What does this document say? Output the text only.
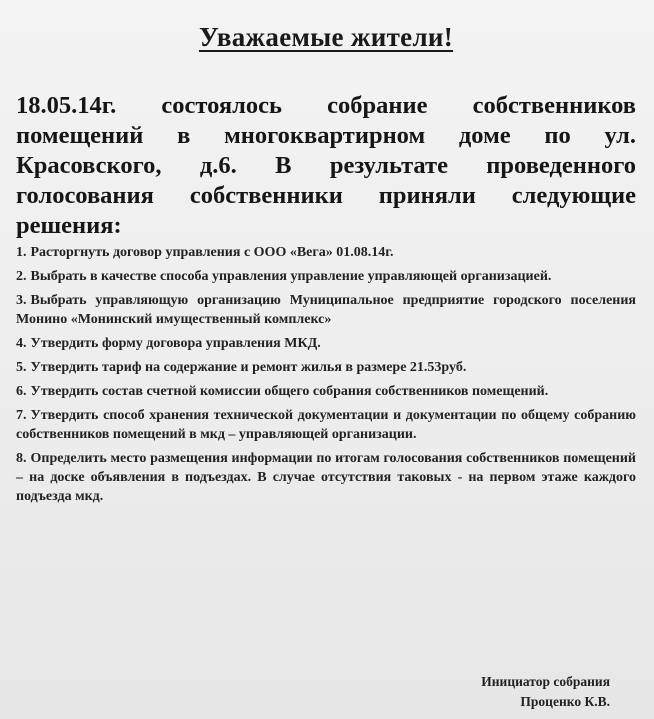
Уважаемые жители!

18.05.14г. состоялось собрание собственников помещений в многоквартирном доме по ул. Красовского, д.6. В результате проведенного голосования собственники приняли следующие решения:

1. Расторгнуть договор управления с ООО «Вега» 01.08.14г.
2. Выбрать в качестве способа управления управление управляющей организацией.
3. Выбрать управляющую организацию Муниципальное предприятие городского поселения Монино «Монинский имущественный комплекс»
4. Утвердить форму договора управления МКД.
5. Утвердить тариф на содержание и ремонт жилья в размере 21.53руб.
6. Утвердить состав счетной комиссии общего собрания собственников помещений.
7. Утвердить способ хранения технической документации и документации по общему собранию собственников помещений в мкд – управляющей организации.
8. Определить место размещения информации по итогам голосования собственников помещений – на доске объявления в подъездах. В случае отсутствия таковых - на первом этаже каждого подъезда мкд.
Инициатор собрания
Проценко К.В.
